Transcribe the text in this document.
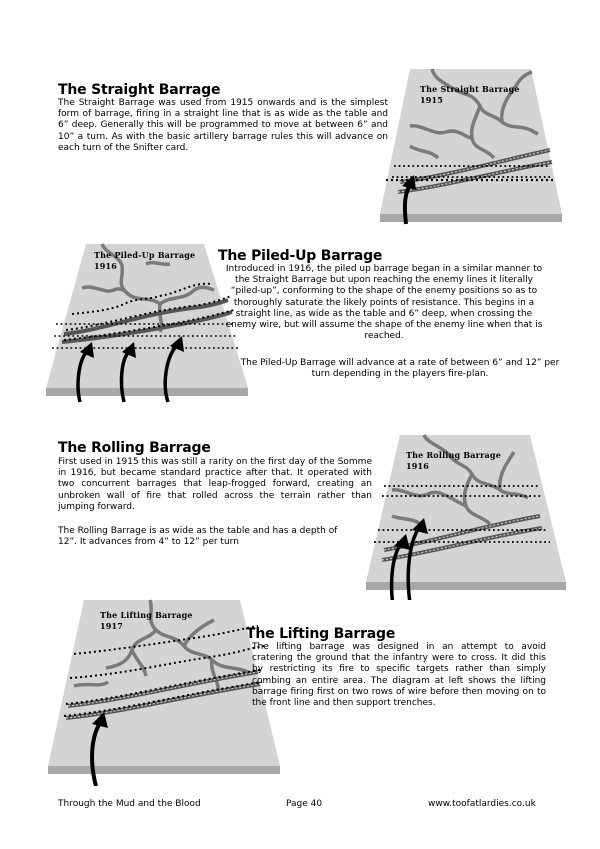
The Straight Barrage

The Straight Barrage was used from 1915 onwards and is the simplest form of barrage, firing in a straight line that is as wide as the table and 6” deep. Generally this will be programmed to move at between 6” and 10” a turn. As with the basic artillery barrage rules this will advance on each turn of the Snifter card.

The Straight Barrage
1915
The Piled-Up Barrage
1916
The Piled-Up Barrage

Introduced in 1916, the piled up barrage began in a similar manner to the Straight Barrage but upon reaching the enemy lines it literally “piled-up”, conforming to the shape of the enemy positions so as to thoroughly saturate the likely points of resistance. This begins in a straight line, as wide as the table and 6” deep, when crossing the enemy wire, but will assume the shape of the enemy line when that is reached.

The Piled-Up Barrage will advance at a rate of between 6” and 12” per turn depending in the players fire-plan.

The Rolling Barrage

First used in 1915 this was still a rarity on the first day of the Somme in 1916, but became standard practice after that. It operated with two concurrent barrages that leap-frogged forward, creating an unbroken wall of fire that rolled across the terrain rather than jumping forward.

The Rolling Barrage is as wide as the table and has a depth of 12”. It advances from 4” to 12” per turn

The Rolling Barrage
1916
The Lifting Barrage
1917	The Lifting Barrage

The lifting barrage was designed in an attempt to avoid cratering the ground that the infantry were to cross. It did this by restricting its fire to specific targets rather than simply combing an entire area. The diagram at left shows the lifting barrage firing first on two rows of wire before then moving on to the front line and then support trenches.

Through the Mud and the Blood	Page 40	www.toofatlardies.co.uk
